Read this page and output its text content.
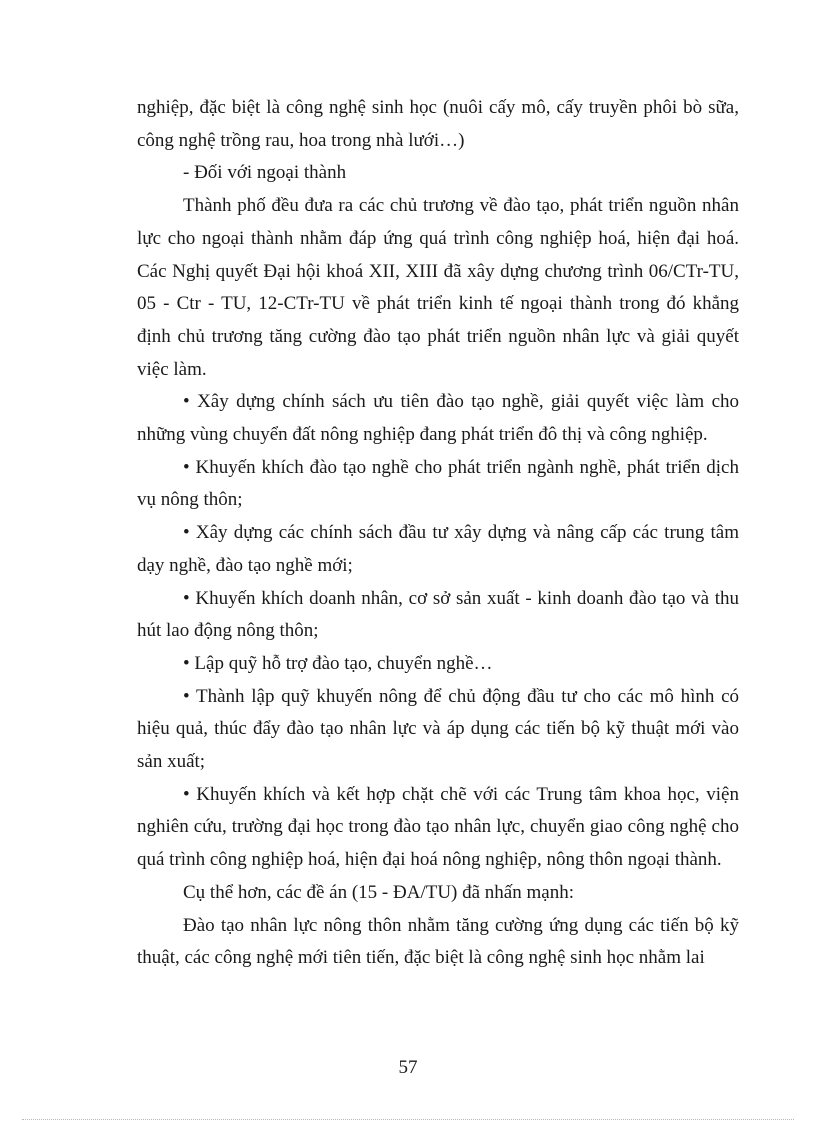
nghiệp, đặc biệt là công nghệ sinh học (nuôi cấy mô, cấy truyền phôi bò sữa, công nghệ trồng rau, hoa trong nhà lưới…)

- Đối với ngoại thành

Thành phố đều đưa ra các chủ trương về đào tạo, phát triển nguồn nhân lực cho ngoại thành nhằm đáp ứng quá trình công nghiệp hoá, hiện đại hoá. Các Nghị quyết Đại hội khoá XII, XIII đã xây dựng chương trình 06/CTr-TU, 05 - Ctr - TU, 12-CTr-TU về phát triển kinh tế ngoại thành trong đó khẳng định chủ trương tăng cường đào tạo phát triển nguồn nhân lực và giải quyết việc làm.

• Xây dựng chính sách ưu tiên đào tạo nghề, giải quyết việc làm cho những vùng chuyển đất nông nghiệp đang phát triển đô thị và công nghiệp.

• Khuyến khích đào tạo nghề cho phát triển ngành nghề, phát triển dịch vụ nông thôn;

• Xây dựng các chính sách đầu tư xây dựng và nâng cấp các trung tâm dạy nghề, đào tạo nghề mới;

• Khuyến khích doanh nhân, cơ sở sản xuất - kinh doanh đào tạo và thu hút lao động nông thôn;

• Lập quỹ hỗ trợ đào tạo, chuyển nghề…

• Thành lập quỹ khuyến nông để chủ động đầu tư cho các mô hình có hiệu quả, thúc đẩy đào tạo nhân lực và áp dụng các tiến bộ kỹ thuật mới vào sản xuất;

• Khuyến khích và kết hợp chặt chẽ với các Trung tâm khoa học, viện nghiên cứu, trường đại học trong đào tạo nhân lực, chuyển giao công nghệ cho quá trình công nghiệp hoá, hiện đại hoá nông nghiệp, nông thôn ngoại thành.

Cụ thể hơn, các đề án (15 - ĐA/TU) đã nhấn mạnh:

Đào tạo nhân lực nông thôn nhằm tăng cường ứng dụng các tiến bộ kỹ thuật, các công nghệ mới tiên tiến, đặc biệt là công nghệ sinh học nhằm lai

57
